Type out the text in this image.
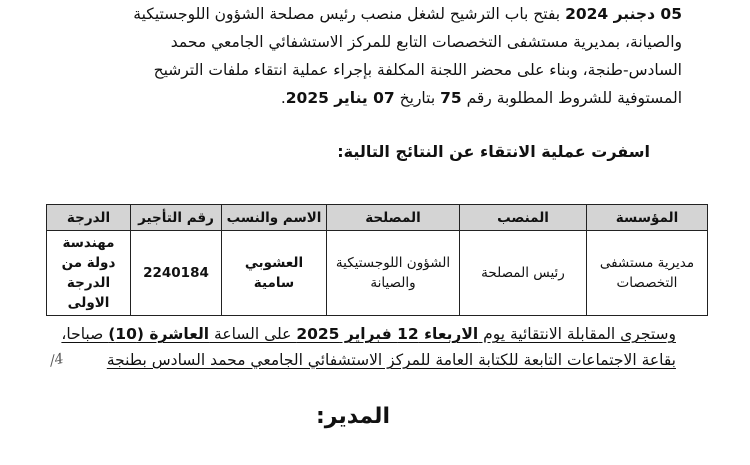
05 دجنبر 2024 بفتح باب الترشيح لشغل منصب رئيس مصلحة الشؤون اللوجستيكية
والصيانة، بمديرية مستشفى التخصصات التابع للمركز الاستشفائي الجامعي محمد
السادس-طنجة، وبناء على محضر اللجنة المكلفة بإجراء عملية انتقاء ملفات الترشيح
المستوفية للشروط المطلوبة رقم 75 بتاريخ 07 يناير 2025.

اسفرت عملية الانتقاء عن النتائج التالية:

المؤسسة	المنصب	المصلحة	الاسم والنسب	رقم التأجير	الدرجة
مديرية مستشفى التخصصات	رئيس المصلحة	الشؤون اللوجستيكية والصيانة	العشوبي سامية	2240184	مهندسة دولة من الدرجة الاولى

وستجرى المقابلة الانتقائية يوم الاربعاء 12 فبراير 2025 على الساعة العاشرة (10) صباحا،
بقاعة الاجتماعات التابعة للكتابة العامة للمركز الاستشفائي الجامعي محمد السادس بطنجة

4/

المدير:
